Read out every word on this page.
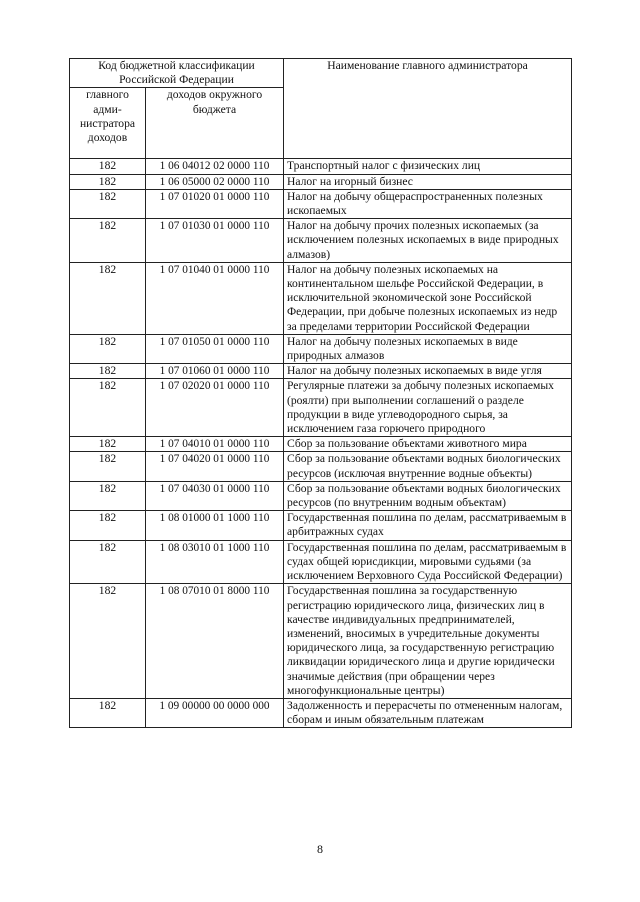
Код бюджетной классификации Российской Федерации		Наименование главного администратора
главного адми-нистратора доходов	доходов окружного бюджета	
182	1 06 04012 02 0000 110	Транспортный налог с физических лиц
182	1 06 05000 02 0000 110	Налог на игорный бизнес
182	1 07 01020 01 0000 110	Налог на добычу общераспространенных полезных ископаемых
182	1 07 01030 01 0000 110	Налог на добычу прочих полезных ископаемых (за исключением полезных ископаемых в виде природных алмазов)
182	1 07 01040 01 0000 110	Налог на добычу полезных ископаемых на континентальном шельфе Российской Федерации, в исключительной экономической зоне Российской Федерации, при добыче полезных ископаемых из недр за пределами территории Российской Федерации
182	1 07 01050 01 0000 110	Налог на добычу полезных ископаемых в виде природных алмазов
182	1 07 01060 01 0000 110	Налог на добычу полезных ископаемых в виде угля
182	1 07 02020 01 0000 110	Регулярные платежи за добычу полезных ископаемых (роялти) при выполнении соглашений о разделе продукции в виде углеводородного сырья, за исключением газа горючего природного
182	1 07 04010 01 0000 110	Сбор за пользование объектами животного мира
182	1 07 04020 01 0000 110	Сбор за пользование объектами водных биологических ресурсов (исключая внутренние водные объекты)
182	1 07 04030 01 0000 110	Сбор за пользование объектами водных биологических ресурсов (по внутренним водным объектам)
182	1 08 01000 01 1000 110	Государственная пошлина по делам, рассматриваемым в арбитражных судах
182	1 08 03010 01 1000 110	Государственная пошлина по делам, рассматриваемым в судах общей юрисдикции, мировыми судьями (за исключением Верховного Суда Российской Федерации)
182	1 08 07010 01 8000 110	Государственная пошлина за государственную регистрацию юридического лица, физических лиц в качестве индивидуальных предпринимателей, изменений, вносимых в учредительные документы юридического лица, за государственную регистрацию ликвидации юридического лица и другие юридически значимые действия (при обращении через многофункциональные центры)
182	1 09 00000 00 0000 000	Задолженность и перерасчеты по отмененным налогам, сборам и иным обязательным платежам
8
